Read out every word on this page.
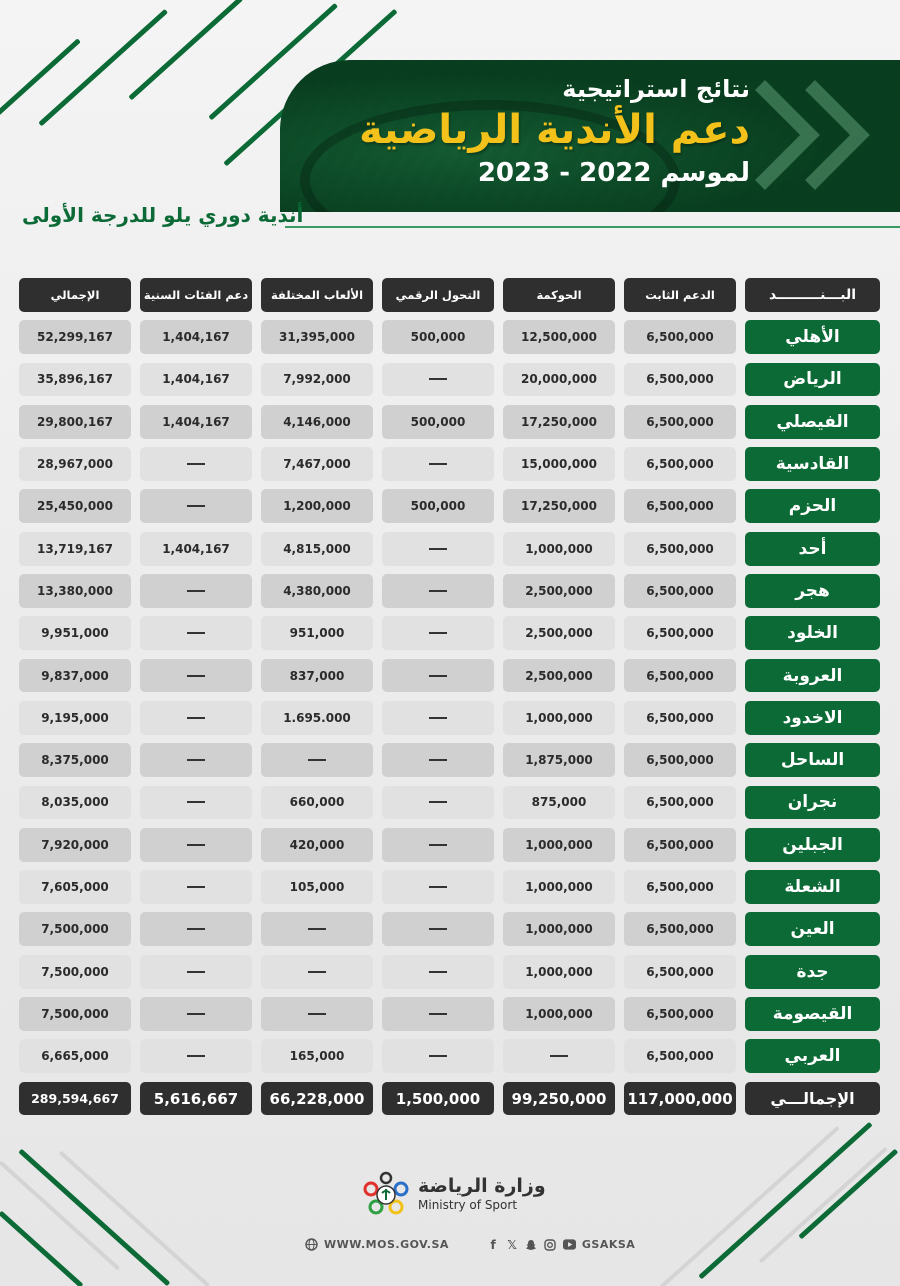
نتائج استراتيجية
دعم الأندية الرياضية
لموسم 2022 - 2023
أندية دوري يلو للدرجة الأولى
البـــنـــــــــد
الدعم الثابت
الحوكمة
التحول الرقمي
الألعاب المختلفة
دعم الفئات السنية
الإجمالي
الأهلي
6,500,000
12,500,000
500,000
31,395,000
1,404,167
52,299,167
الرياض
6,500,000
20,000,000
7,992,000
1,404,167
35,896,167
الفيصلي
6,500,000
17,250,000
500,000
4,146,000
1,404,167
29,800,167
القادسية
6,500,000
15,000,000
7,467,000
28,967,000
الحزم
6,500,000
17,250,000
500,000
1,200,000
25,450,000
أحد
6,500,000
1,000,000
4,815,000
1,404,167
13,719,167
هجر
6,500,000
2,500,000
4,380,000
13,380,000
الخلود
6,500,000
2,500,000
951,000
9,951,000
العروبة
6,500,000
2,500,000
837,000
9,837,000
الاخدود
6,500,000
1,000,000
1.695.000
9,195,000
الساحل
6,500,000
1,875,000
8,375,000
نجران
6,500,000
875,000
660,000
8,035,000
الجبلين
6,500,000
1,000,000
420,000
7,920,000
الشعلة
6,500,000
1,000,000
105,000
7,605,000
العين
6,500,000
1,000,000
7,500,000
جدة
6,500,000
1,000,000
7,500,000
القيصومة
6,500,000
1,000,000
7,500,000
العربي
6,500,000
165,000
6,665,000
الإجمالـــي
117,000,000
99,250,000
1,500,000
66,228,000
5,616,667
289,594,667
وزارة الرياضة
Ministry of Sport
WWW.MOS.GOV.SA	f 𝕏	GSAKSA
